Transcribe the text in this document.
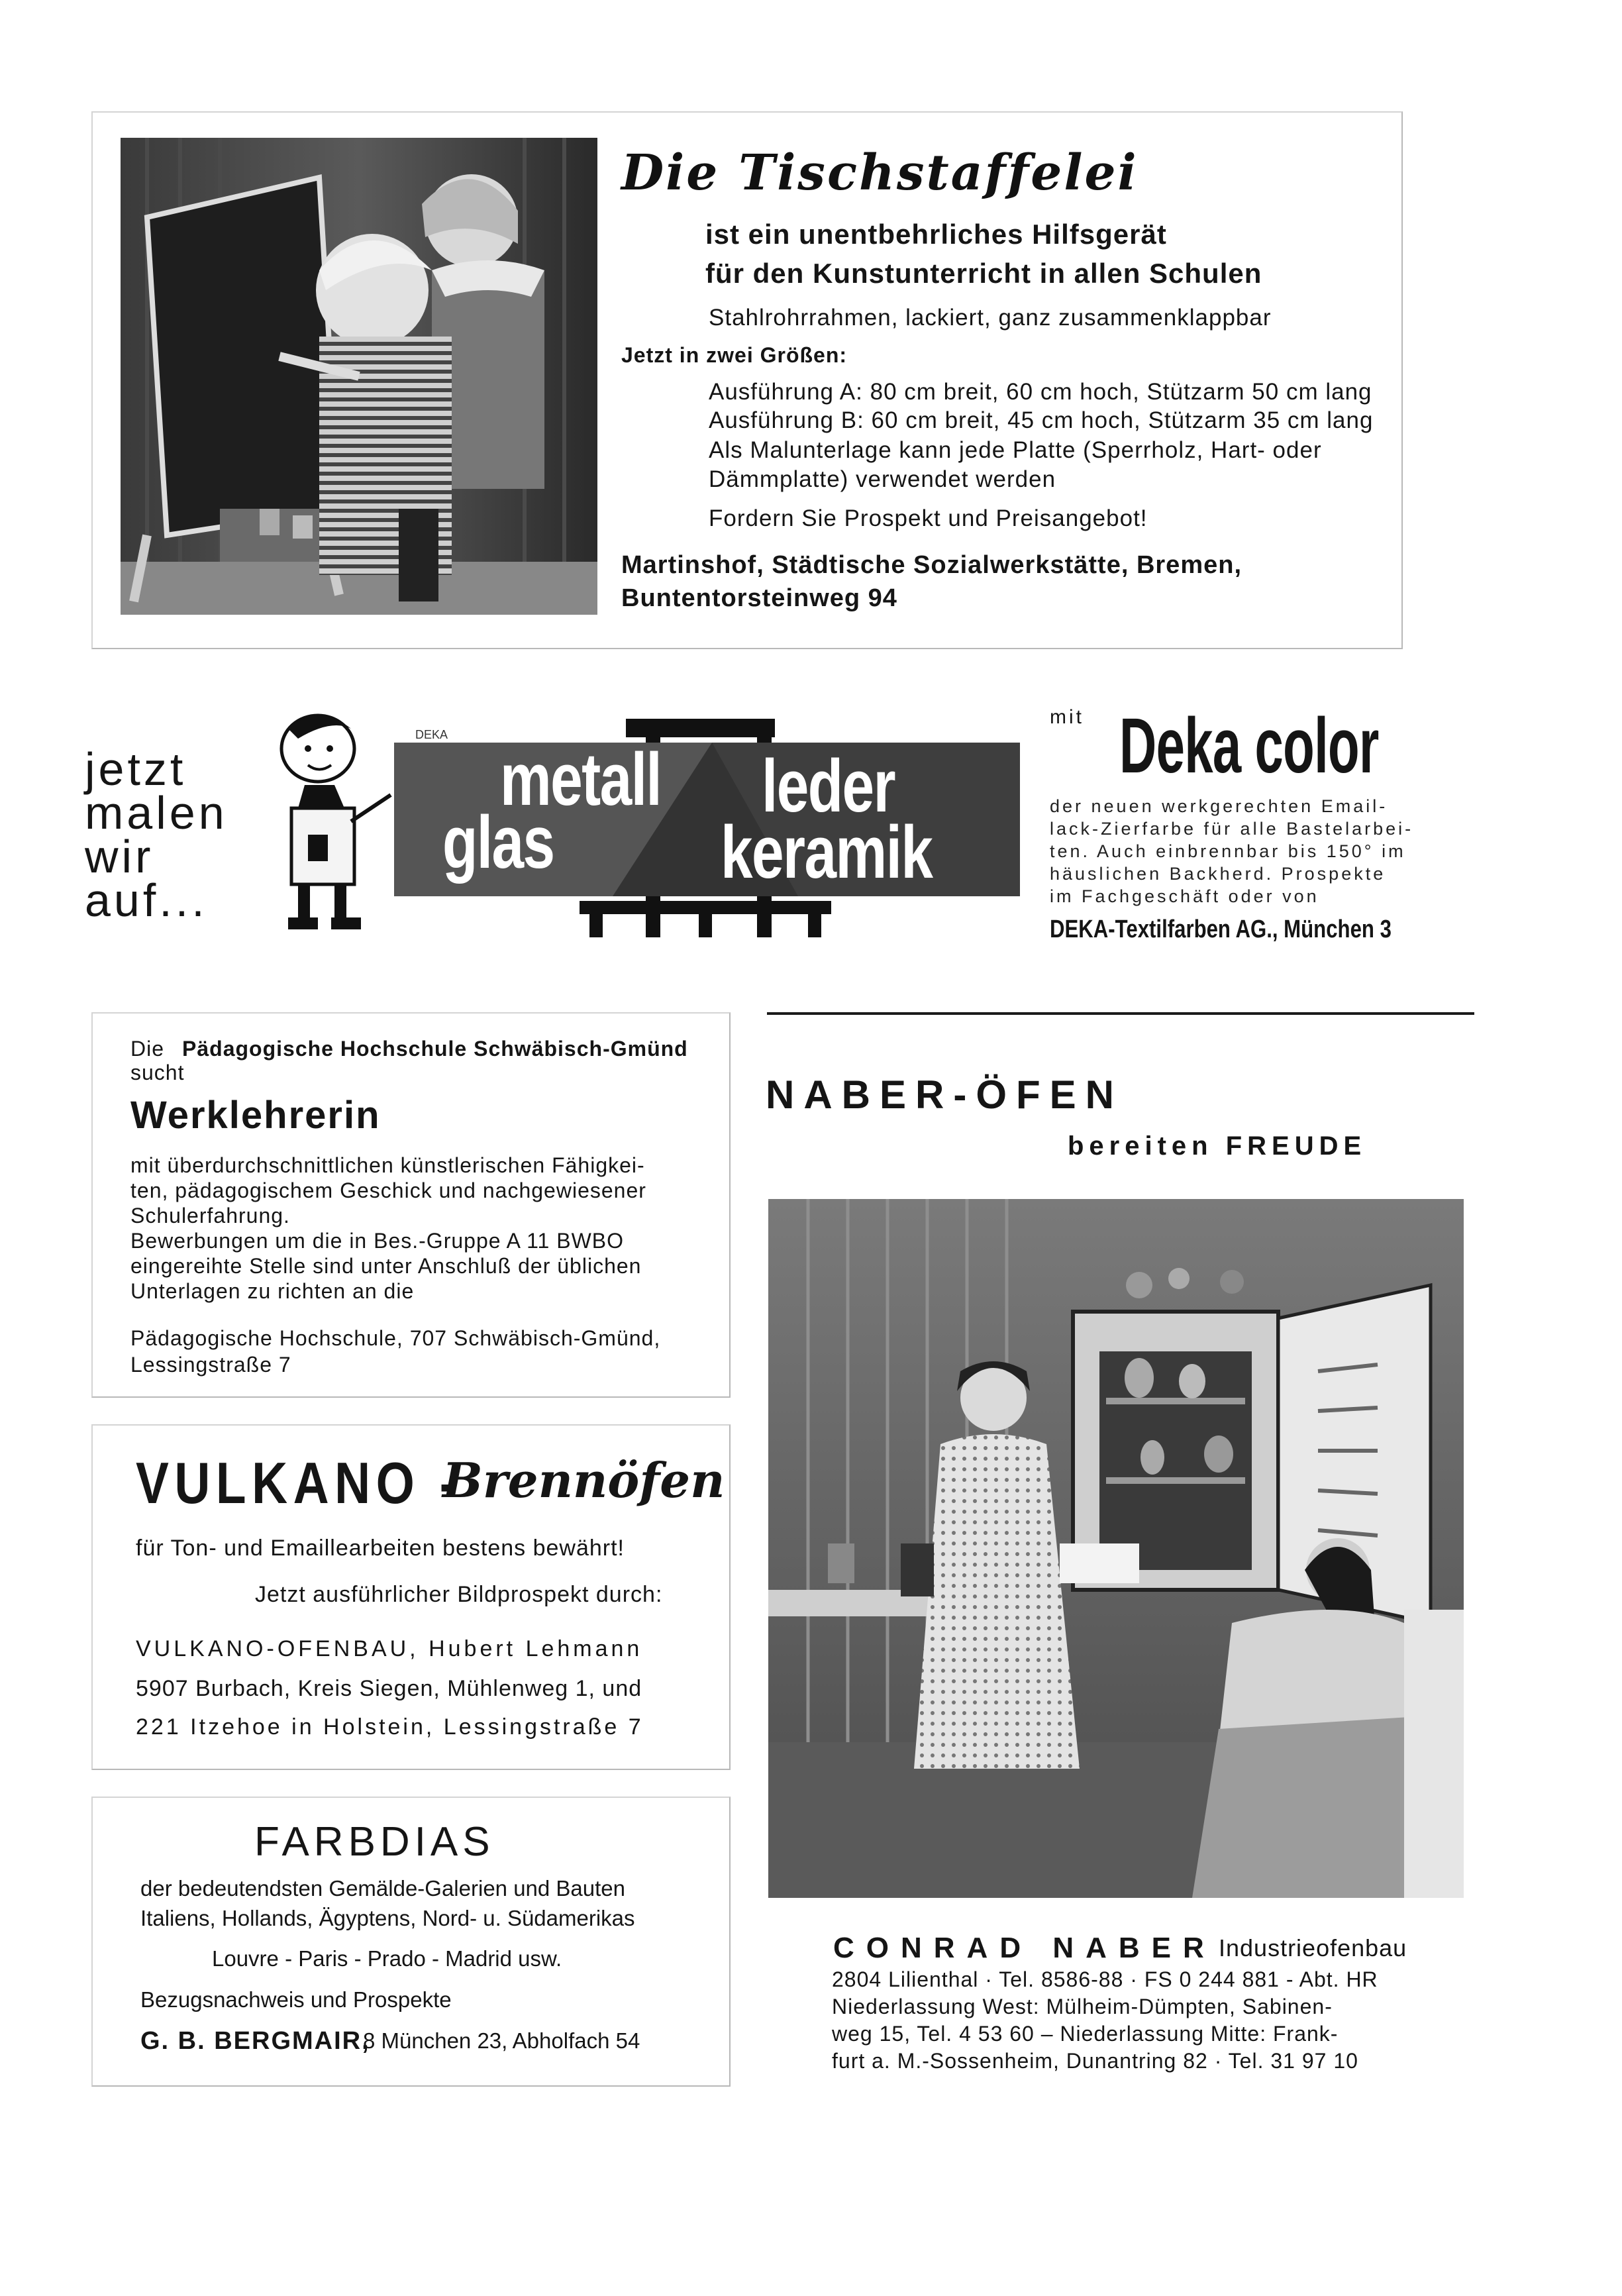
Die Tischstaffelei
ist ein unentbehrliches Hilfsgerät
für den Kunstunterricht in allen Schulen
Stahlrohrrahmen, lackiert, ganz zusammenklappbar
Jetzt in zwei Größen:
Ausführung A: 80 cm breit, 60 cm hoch, Stützarm 50 cm lang
Ausführung B: 60 cm breit, 45 cm hoch, Stützarm 35 cm lang
Als Malunterlage kann jede Platte (Sperrholz, Hart- oder
Dämmplatte) verwendet werden
Fordern Sie Prospekt und Preisangebot!
Martinshof, Städtische Sozialwerkstätte, Bremen,
Buntentorsteinweg 94
jetzt
malen
wir
auf...
DEKA
metall leder
glas keramik
mit Deka color
der neuen werkgerechten Email-
lack-Zierfarbe für alle Bastelarbei-
ten. Auch einbrennbar bis 150° im
häuslichen Backherd. Prospekte
im Fachgeschäft oder von
DEKA-Textilfarben AG., München 3
Die Pädagogische Hochschule Schwäbisch-Gmünd
sucht
Werklehrerin
mit überdurchschnittlichen künstlerischen Fähigkei-
ten, pädagogischem Geschick und nachgewiesener
Schulerfahrung.
Bewerbungen um die in Bes.-Gruppe A 11 BWBO
eingereihte Stelle sind unter Anschluß der üblichen
Unterlagen zu richten an die
Pädagogische Hochschule, 707 Schwäbisch-Gmünd,
Lessingstraße 7
VULKANO -
Brennöfen
für Ton- und Emaillearbeiten bestens bewährt!
Jetzt ausführlicher Bildprospekt durch:
VULKANO-OFENBAU, Hubert Lehmann
5907 Burbach, Kreis Siegen, Mühlenweg 1, und
221 Itzehoe in Holstein, Lessingstraße 7
FARBDIAS
der bedeutendsten Gemälde-Galerien und Bauten
Italiens, Hollands, Ägyptens, Nord- u. Südamerikas
Louvre - Paris - Prado - Madrid usw.
Bezugsnachweis und Prospekte
G. B. BERGMAIR,
8 München 23, Abholfach 54
NABER-ÖFEN
bereiten FREUDE
CONRAD NABER Industrieofenbau
2804 Lilienthal · Tel. 8586-88 · FS 0 244 881 - Abt. HR
Niederlassung West: Mülheim-Dümpten, Sabinen-
weg 15, Tel. 4 53 60 – Niederlassung Mitte: Frank-
furt a. M.-Sossenheim, Dunantring 82 · Tel. 31 97 10
